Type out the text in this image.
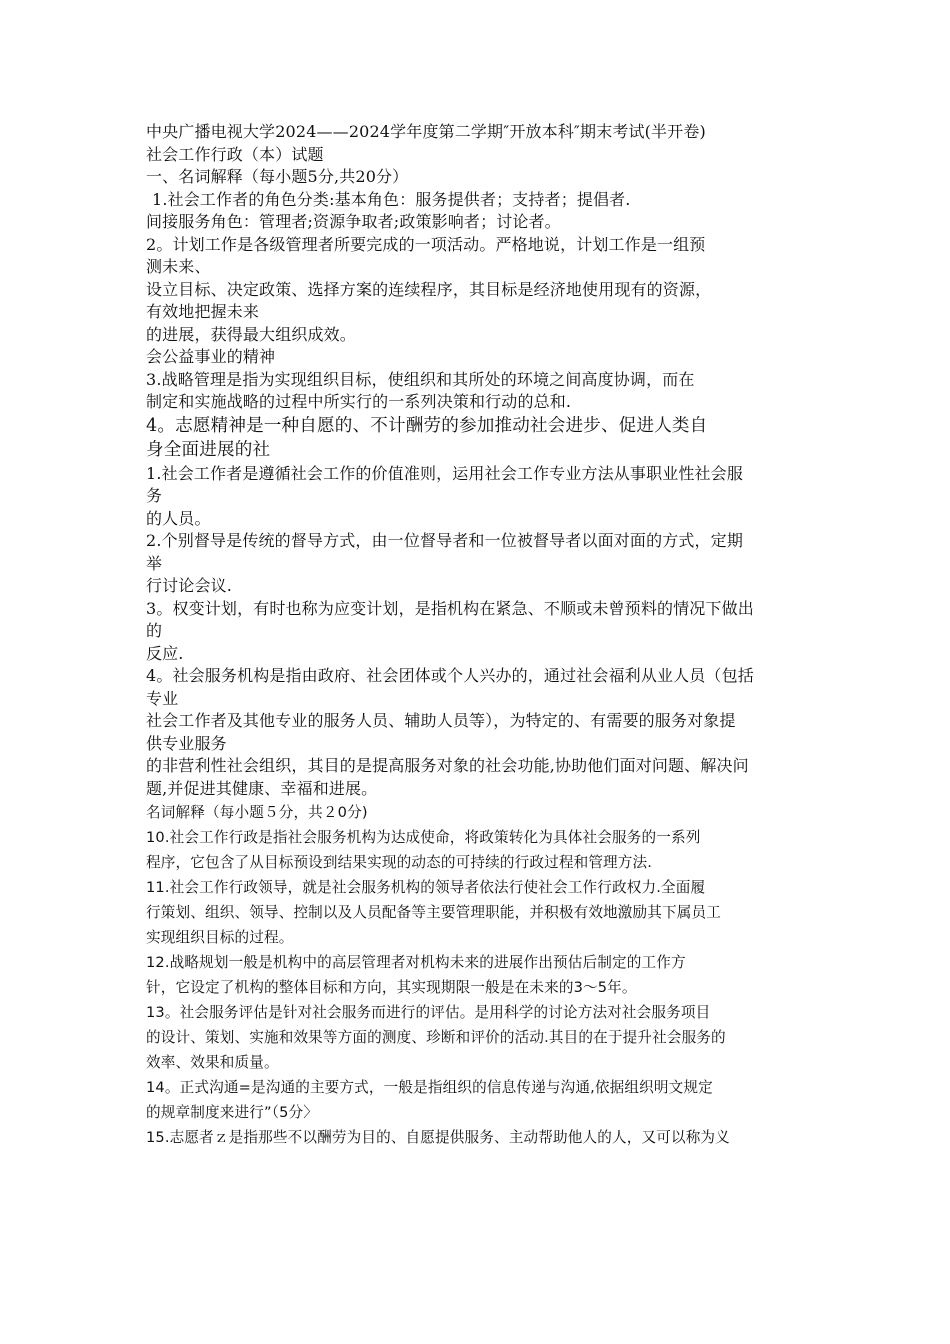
中央广播电视大学2024——2024学年度第二学期″开放本科″期末考试(半开卷)
社会工作行政（本）试题
一、名词解释（每小题5分,共20分）
1.社会工作者的角色分类:基本角色：服务提供者；支持者；提倡者.
间接服务角色：管理者;资源争取者;政策影响者；讨论者。
2。计划工作是各级管理者所要完成的一项活动。严格地说，计划工作是一组预
测未来、
设立目标、决定政策、选择方案的连续程序，其目标是经济地使用现有的资源，
有效地把握未来
的进展，获得最大组织成效。
会公益事业的精神
3.战略管理是指为实现组织目标，使组织和其所处的环境之间高度协调，而在
制定和实施战略的过程中所实行的一系列决策和行动的总和.
4。志愿精神是一种自愿的、不计酬劳的参加推动社会进步、促进人类自
身全面进展的社
1.社会工作者是遵循社会工作的价值准则，运用社会工作专业方法从事职业性社会服
务
的人员。
2.个别督导是传统的督导方式，由一位督导者和一位被督导者以面对面的方式，定期
举
行讨论会议.
3。权变计划，有时也称为应变计划，是指机构在紧急、不顺或未曾预料的情况下做出
的
反应.
4。社会服务机构是指由政府、社会团体或个人兴办的，通过社会福利从业人员（包括
专业
社会工作者及其他专业的服务人员、辅助人员等），为特定的、有需要的服务对象提
供专业服务
的非营利性社会组织，其目的是提高服务对象的社会功能,协助他们面对问题、解决问
题,并促进其健康、幸福和进展。
名词解释（每小题５分，共２0分)
10.社会工作行政是指社会服务机构为达成使命，将政策转化为具体社会服务的一系列
程序，它包含了从目标预设到结果实现的动态的可持续的行政过程和管理方法.
11.社会工作行政领导，就是社会服务机构的领导者依法行使社会工作行政权力.全面履
行策划、组织、领导、控制以及人员配备等主要管理职能，并积极有效地激励其下属员工
实现组织目标的过程。
12.战略规划一般是机构中的高层管理者对机构未来的进展作出预估后制定的工作方
针，它设定了机构的整体目标和方向，其实现期限一般是在未来的3～5年。
13。社会服务评估是针对社会服务而进行的评估。是用科学的讨论方法对社会服务项目
的设计、策划、实施和效果等方面的测度、珍断和评价的活动.其目的在于提升社会服务的
效率、效果和质量。
14。正式沟通=是沟通的主要方式，一般是指组织的信息传递与沟通,依据组织明文规定
的规章制度来进行”（5分〉
15.志愿者ｚ是指那些不以酬劳为目的、自愿提供服务、主动帮助他人的人，又可以称为义
